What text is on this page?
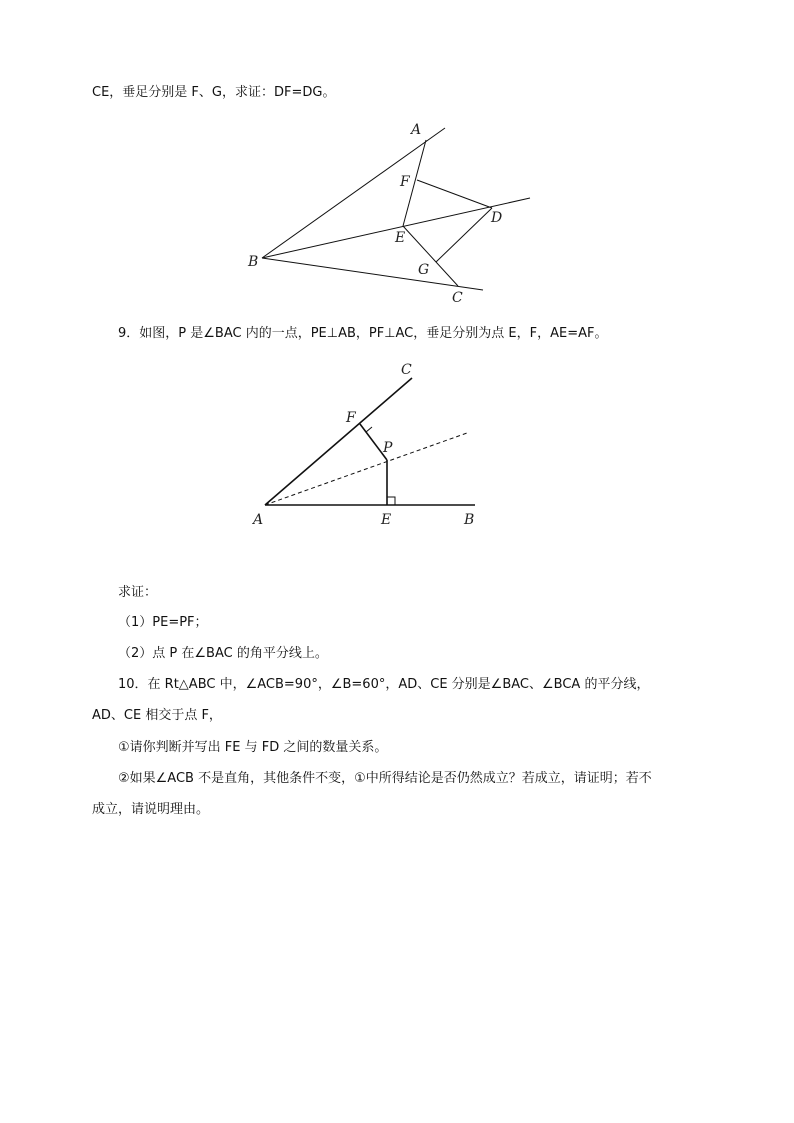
CE，垂足分别是 F、G，求证：DF=DG。
A
F
D
E
B	G
C
9．如图，P 是∠BAC 内的一点，PE⊥AB，PF⊥AC，垂足分别为点 E，F，AE=AF。
C
F
P
A	E	B
求证：
（1）PE=PF；
（2）点 P 在∠BAC 的角平分线上。
10．在 Rt△ABC 中，∠ACB=90°，∠B=60°，AD、CE 分别是∠BAC、∠BCA 的平分线，
AD、CE 相交于点 F，
①请你判断并写出 FE 与 FD 之间的数量关系。
②如果∠ACB 不是直角，其他条件不变，①中所得结论是否仍然成立？若成立，请证明；若不
成立，请说明理由。
